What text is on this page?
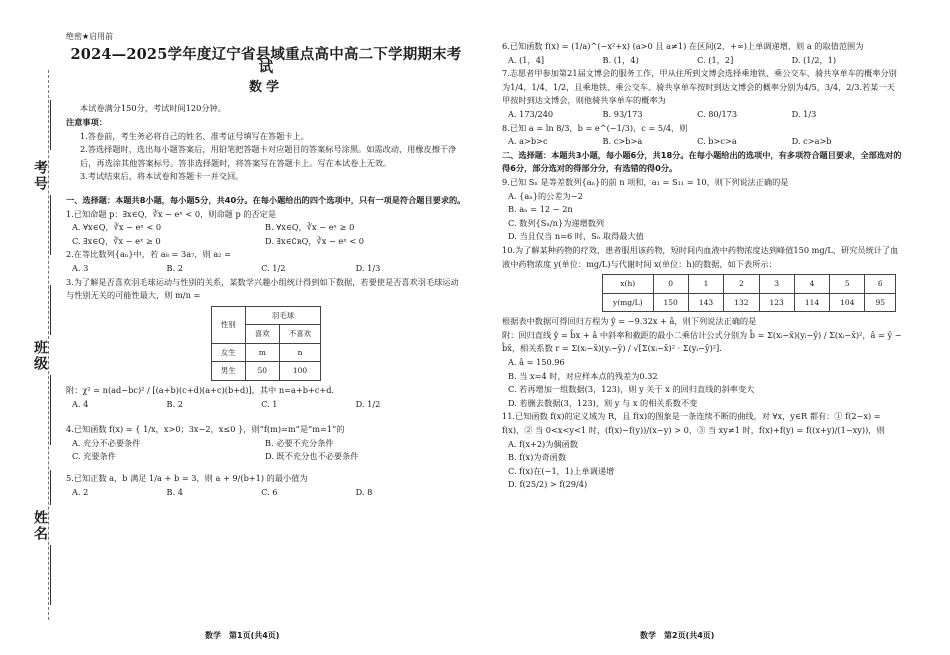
考号
班级
姓名
绝密★启用前
2024—2025学年度辽宁省县域重点高中高二下学期期末考试
数学

本试卷满分150分，考试时间120分钟。

注意事项：

1.答卷前，考生务必将自己的姓名、准考证号填写在答题卡上。

2.答选择题时，选出每小题答案后，用铅笔把答题卡对应题目的答案标号涂黑。如需改动，用橡皮擦干净后，再选涂其他答案标号。答非选择题时，将答案写在答题卡上。写在本试卷上无效。

3.考试结束后，将本试卷和答题卡一并交回。

一、选择题：本题共8小题，每小题5分，共40分。在每小题给出的四个选项中，只有一项是符合题目要求的。

1.已知命题 p：∃x∈Q，∛x − eˣ < 0，则命题 p 的否定是

A. ∀x∈Q，∛x − eˣ < 0	B. ∀x∈Q，∛x − eˣ ≥ 0
C. ∃x∈Q，∛x − eˣ ≥ 0	D. ∃x∈∁ʀQ，∛x − eˣ < 0

2.在等比数列{aₙ}中，若 a₈ = 3a₇，则 a₂ =

A. 3	B. 2	C. 1/2	D. 1/3

3.为了解是否喜欢羽毛球运动与性别的关系，某数学兴趣小组统计得到如下数据，若要使是否喜欢羽毛球运动与性别无关的可能性最大，则 m/n =

性别	羽毛球	
	喜欢	不喜欢
女生	m	n
男生	50	100

附：χ² = n(ad−bc)² / [(a+b)(c+d)(a+c)(b+d)]，其中 n=a+b+c+d.

A. 4	B. 2	C. 1	D. 1/2

4.已知函数 f(x) = { 1/x，x>0；3x−2，x≤0 }，则“f(m)=m”是“m=1”的

A. 充分不必要条件	B. 必要不充分条件
C. 充要条件	D. 既不充分也不必要条件

5.已知正数 a，b 满足 1/a + b = 3，则 a + 9/(b+1) 的最小值为

A. 2	B. 4	C. 6	D. 8

6.已知函数 f(x) = (1/a)^(−x²+x) (a>0 且 a≠1) 在区间(2，+∞)上单调递增，则 a 的取值范围为

A. (1，4]	B. (1，4)	C. (1，2]	D. (1/2，1)

7.志愿者甲参加第21届文博会的服务工作，甲从住所到文博会选择乘地铁、乘公交车、骑共享单车的概率分别为1/4，1/4，1/2，且乘地铁、乘公交车、骑共享单车按时到达文博会的概率分别为4/5，3/4，2/3.若某一天甲按时到达文博会，则他骑共享单车的概率为

A. 173/240	B. 93/173	C. 80/173	D. 1/3

8.已知 a = ln 8/3，b = e^(−1/3)，c = 5/4，则

A. a>b>c	B. c>b>a	C. b>c>a	D. c>a>b

二、选择题：本题共3小题，每小题6分，共18分。在每小题给出的选项中，有多项符合题目要求，全部选对的得6分，部分选对的得部分分，有选错的得0分。

9.已知 Sₙ 是等差数列{aₙ}的前 n 项和，a₁ = S₁₁ = 10，则下列说法正确的是

A. {aₙ}的公差为−2
B. aₙ = 12 − 2n
C. 数列{Sₙ/n}为递增数列
D. 当且仅当 n=6 时，Sₙ 取得最大值

10.为了解某种药物的疗效，患者服用该药物，短时间内血液中药物浓度达到峰值150 mg/L，研究员统计了血液中药物浓度 y(单位：mg/L)与代谢时间 x(单位：h)的数据，如下表所示：

x(h)	0	1	2	3	4	5	6
y(mg/L)	150	143	132	123	114	104	95

根据表中数据可得回归方程为 ŷ = −9.32x + â，则下列说法正确的是

附：回归直线 ŷ = b̂x + â 中斜率和截距的最小二乘估计公式分别为 b̂ = Σ(xᵢ−x̄)(yᵢ−ȳ) / Σ(xᵢ−x̄)²，â = ȳ −

b̂x̄，相关系数 r = Σ(xᵢ−x̄)(yᵢ−ȳ) / √[Σ(xᵢ−x̄)² · Σ(yᵢ−ȳ)²].

A. â = 150.96
B. 当 x=4 时，对应样本点的残差为0.32
C. 若再增加一组数据(3，123)，则 y 关于 x 的回归直线的斜率变大
D. 若删去数据(3，123)，则 y 与 x 的相关系数不变

11.已知函数 f(x)的定义域为 R，且 f(x)的图象是一条连续不断的曲线，对 ∀x，y∈R 都有：① f(2−x) = f(x)，② 当 0<x<y<1 时，(f(x)−f(y))/(x−y) > 0，③ 当 xy≠1 时，f(x)+f(y) = f((x+y)/(1−xy))，则

A. f(x+2)为偶函数
B. f(x)为奇函数
C. f(x)在(−1，1)上单调递增
D. f(25/2) > f(29/4)
数学　第1页(共4页)	数学　第2页(共4页)
